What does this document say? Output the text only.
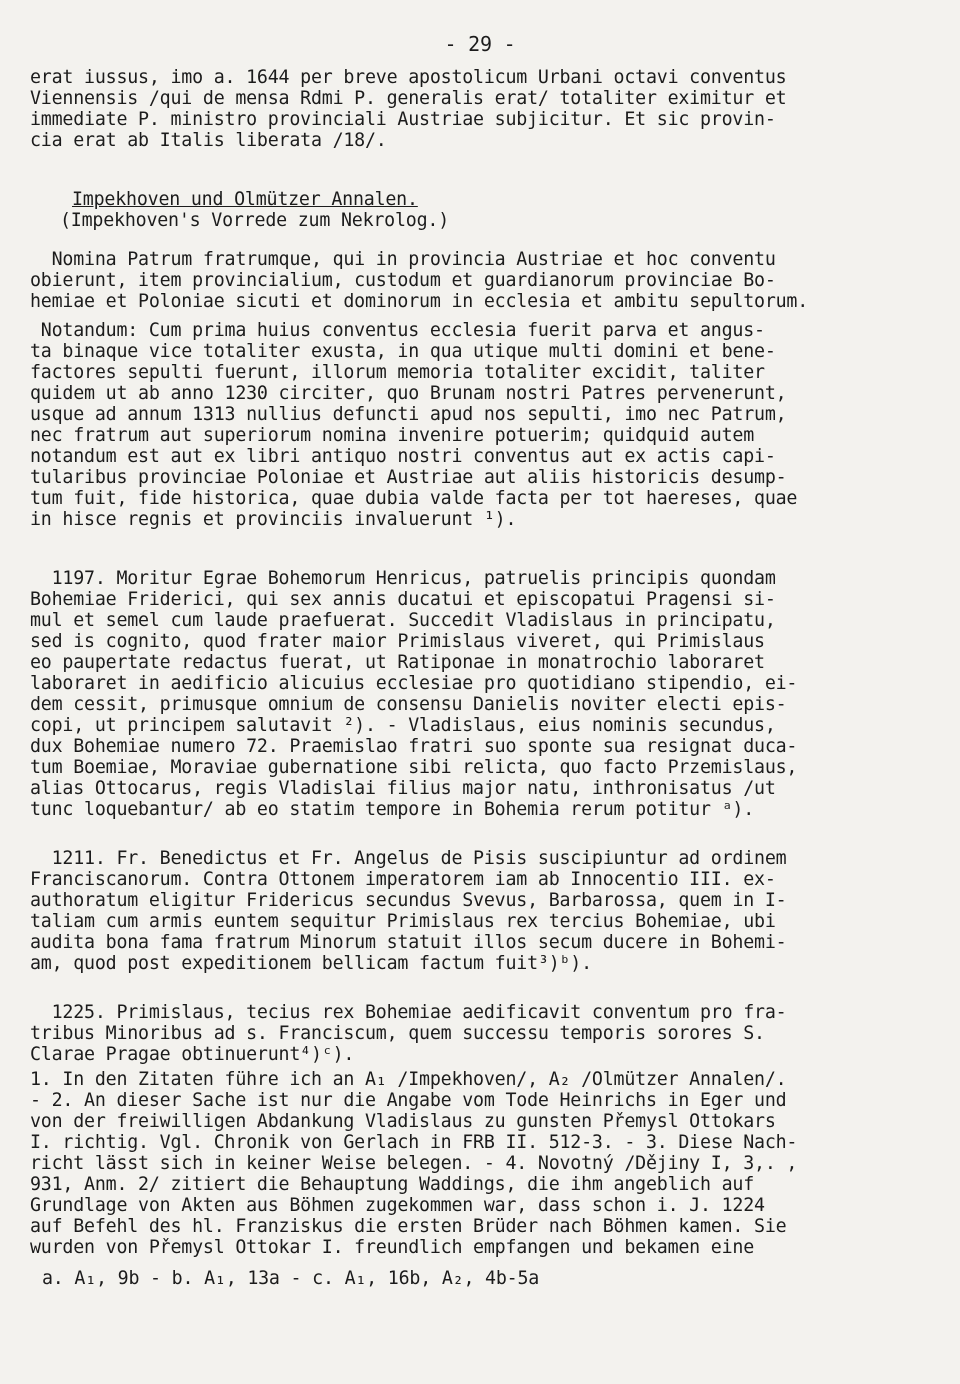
- 29 -
erat iussus, imo a. 1644 per breve apostolicum Urbani octavi conventus
Viennensis /qui de mensa Rdmi P. generalis erat/ totaliter eximitur et
immediate P. ministro provinciali Austriae subjicitur. Et sic provin-
cia erat ab Italis liberata /18/.
Impekhoven und Olmützer Annalen.
(Impekhoven's Vorrede zum Nekrolog.)
Nomina Patrum fratrumque, qui in provincia Austriae et hoc conventu
obierunt, item provincialium, custodum et guardianorum provinciae Bo-
hemiae et Poloniae sicuti et dominorum in ecclesia et ambitu sepultorum.
Notandum: Cum prima huius conventus ecclesia fuerit parva et angus-
ta binaque vice totaliter exusta, in qua utique multi domini et bene-
factores sepulti fuerunt, illorum memoria totaliter excidit, taliter
quidem ut ab anno 1230 circiter, quo Brunam nostri Patres pervenerunt,
usque ad annum 1313 nullius defuncti apud nos sepulti, imo nec Patrum,
nec fratrum aut superiorum nomina invenire potuerim; quidquid autem
notandum est aut ex libri antiquo nostri conventus aut ex actis capi-
tularibus provinciae Poloniae et Austriae aut aliis historicis desump-
tum fuit, fide historica, quae dubia valde facta per tot haereses, quae
in hisce regnis et provinciis invaluerunt ¹).
1197. Moritur Egrae Bohemorum Henricus, patruelis principis quondam
Bohemiae Friderici, qui sex annis ducatui et episcopatui Pragensi si-
mul et semel cum laude praefuerat. Succedit Vladislaus in principatu,
sed is cognito, quod frater maior Primislaus viveret, qui Primislaus
eo paupertate redactus fuerat, ut Ratiponae in monatrochio laboraret
laboraret in aedificio alicuius ecclesiae pro quotidiano stipendio, ei-
dem cessit, primusque omnium de consensu Danielis noviter electi epis-
copi, ut principem salutavit ²). - Vladislaus, eius nominis secundus,
dux Bohemiae numero 72. Praemislao fratri suo sponte sua resignat duca-
tum Boemiae, Moraviae gubernatione sibi relicta, quo facto Przemislaus,
alias Ottocarus, regis Vladislai filius major natu, inthronisatus /ut
tunc loquebantur/ ab eo statim tempore in Bohemia rerum potitur ᵃ).
1211. Fr. Benedictus et Fr. Angelus de Pisis suscipiuntur ad ordinem
Franciscanorum. Contra Ottonem imperatorem iam ab Innocentio III. ex-
authoratum eligitur Fridericus secundus Svevus, Barbarossa, quem in I-
taliam cum armis euntem sequitur Primislaus rex tercius Bohemiae, ubi
audita bona fama fratrum Minorum statuit illos secum ducere in Bohemi-
am, quod post expeditionem bellicam factum fuit³)ᵇ).
1225. Primislaus, tecius rex Bohemiae aedificavit conventum pro fra-
tribus Minoribus ad s. Franciscum, quem successu temporis sorores S.
Clarae Pragae obtinuerunt⁴)ᶜ).
1. In den Zitaten führe ich an A₁ /Impekhoven/, A₂ /Olmützer Annalen/.
- 2. An dieser Sache ist nur die Angabe vom Tode Heinrichs in Eger und
von der freiwilligen Abdankung Vladislaus zu gunsten Přemysl Ottokars
I. richtig. Vgl. Chronik von Gerlach in FRB II. 512-3. - 3. Diese Nach-
richt lässt sich in keiner Weise belegen. - 4. Novotný /Dějiny I, 3,. ,
931, Anm. 2/ zitiert die Behauptung Waddings, die ihm angeblich auf
Grundlage von Akten aus Böhmen zugekommen war, dass schon i. J. 1224
auf Befehl des hl. Franziskus die ersten Brüder nach Böhmen kamen. Sie
wurden von Přemysl Ottokar I. freundlich empfangen und bekamen eine
a. A₁, 9b - b. A₁, 13a - c. A₁, 16b, A₂, 4b-5a
